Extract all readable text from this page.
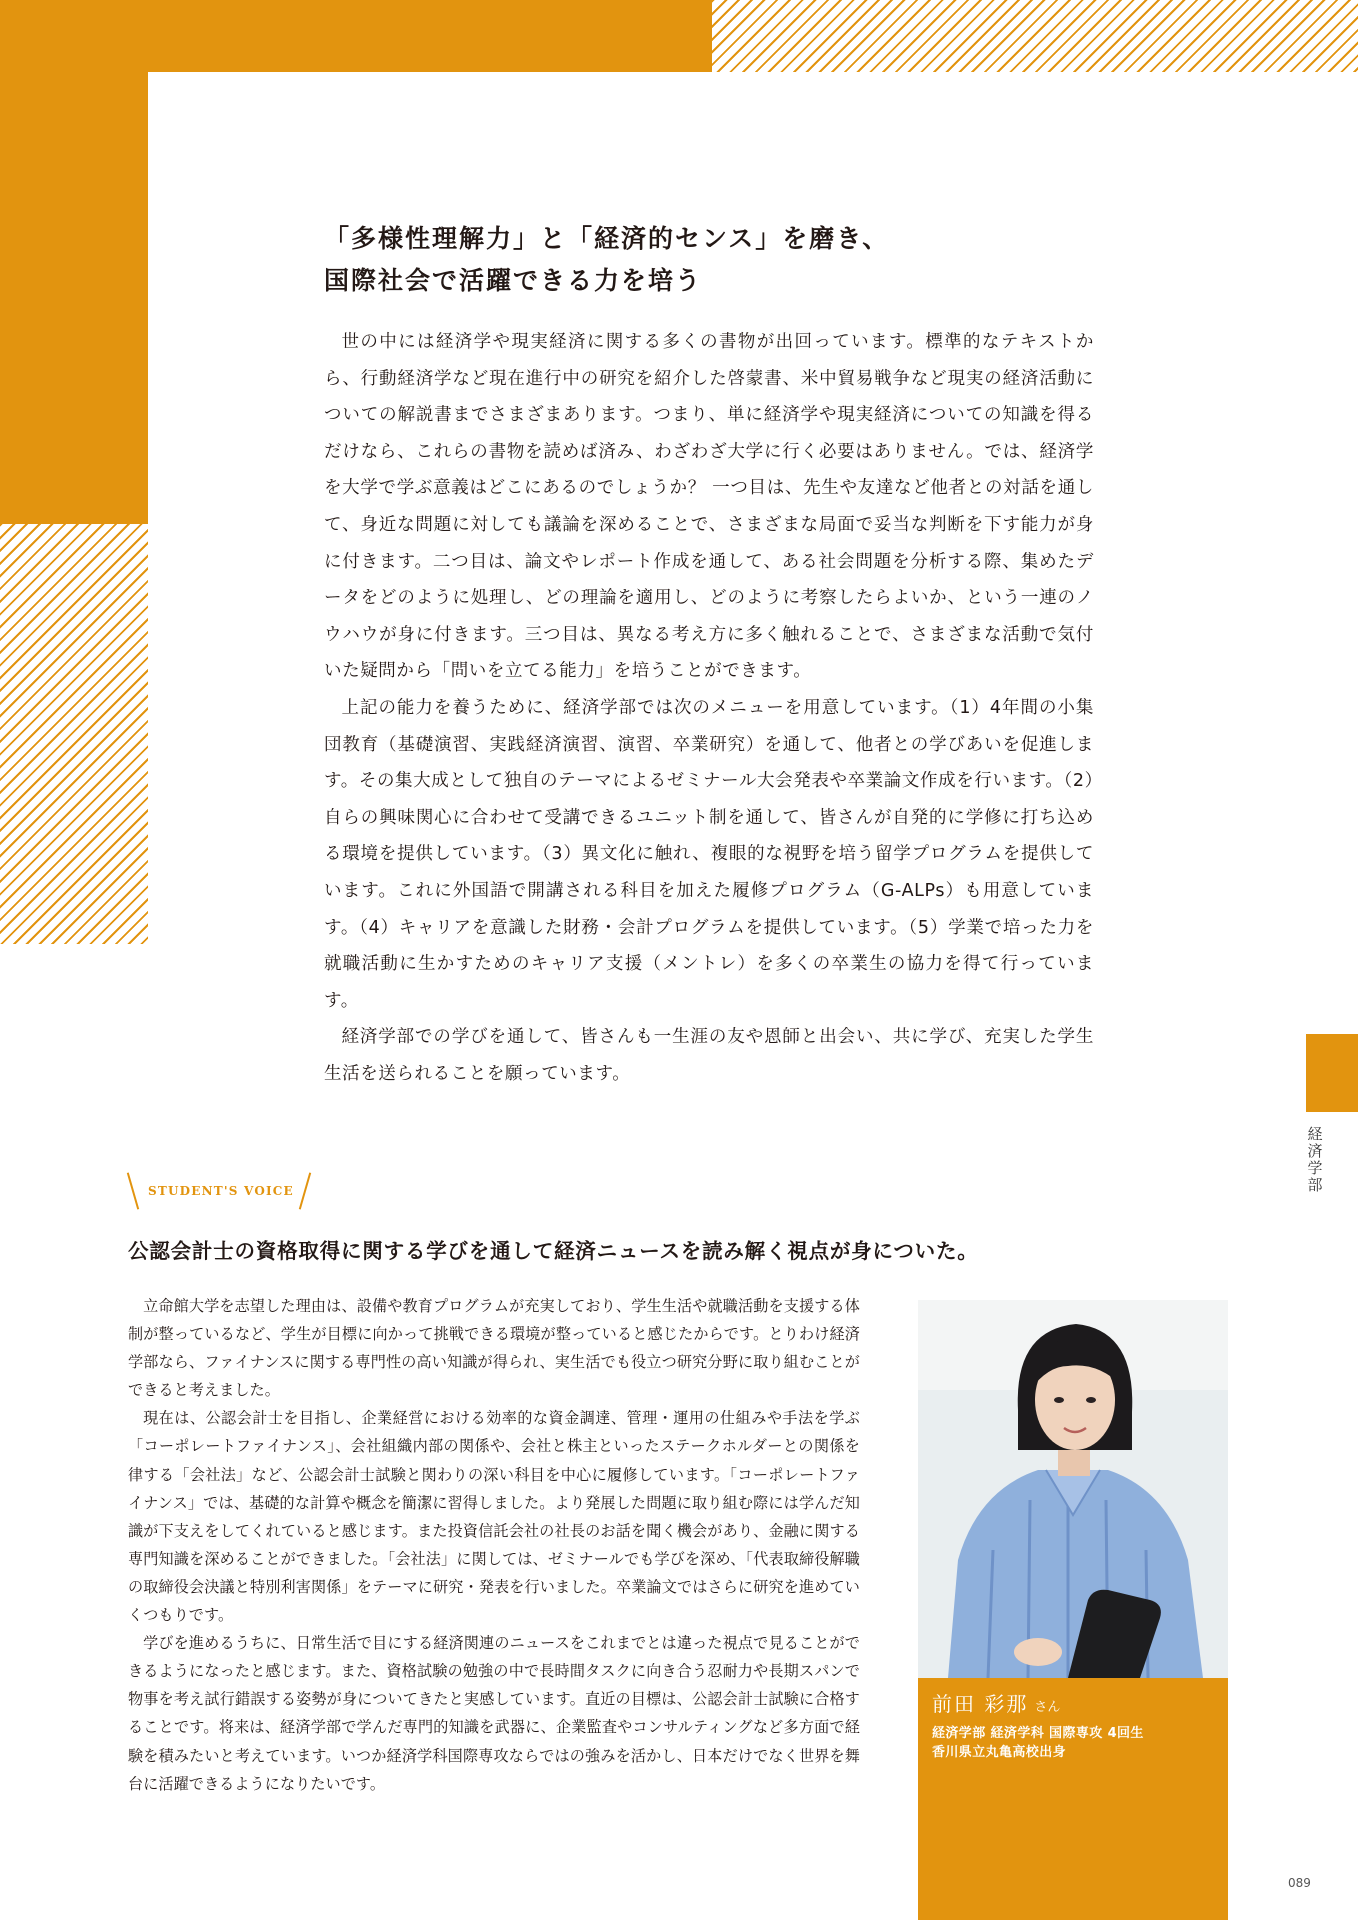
「多様性理解力」と「経済的センス」を磨き、
国際社会で活躍できる力を培う

世の中には経済学や現実経済に関する多くの書物が出回っています。標準的なテキストから、行動経済学など現在進行中の研究を紹介した啓蒙書、米中貿易戦争など現実の経済活動についての解説書までさまざまあります。つまり、単に経済学や現実経済についての知識を得るだけなら、これらの書物を読めば済み、わざわざ大学に行く必要はありません。では、経済学を大学で学ぶ意義はどこにあるのでしょうか？ 一つ目は、先生や友達など他者との対話を通して、身近な問題に対しても議論を深めることで、さまざまな局面で妥当な判断を下す能力が身に付きます。二つ目は、論文やレポート作成を通して、ある社会問題を分析する際、集めたデータをどのように処理し、どの理論を適用し、どのように考察したらよいか、という一連のノウハウが身に付きます。三つ目は、異なる考え方に多く触れることで、さまざまな活動で気付いた疑問から「問いを立てる能力」を培うことができます。

上記の能力を養うために、経済学部では次のメニューを用意しています。（1）4年間の小集団教育（基礎演習、実践経済演習、演習、卒業研究）を通して、他者との学びあいを促進します。その集大成として独自のテーマによるゼミナール大会発表や卒業論文作成を行います。（2）自らの興味関心に合わせて受講できるユニット制を通して、皆さんが自発的に学修に打ち込める環境を提供しています。（3）異文化に触れ、複眼的な視野を培う留学プログラムを提供しています。これに外国語で開講される科目を加えた履修プログラム（G-ALPs）も用意しています。（4）キャリアを意識した財務・会計プログラムを提供しています。（5）学業で培った力を就職活動に生かすためのキャリア支援（メントレ）を多くの卒業生の協力を得て行っています。

経済学部での学びを通して、皆さんも一生涯の友や恩師と出会い、共に学び、充実した学生生活を送られることを願っています。

経済学部
STUDENT'S VOICE
公認会計士の資格取得に関する学びを通して経済ニュースを読み解く視点が身についた。

立命館大学を志望した理由は、設備や教育プログラムが充実しており、学生生活や就職活動を支援する体制が整っているなど、学生が目標に向かって挑戦できる環境が整っていると感じたからです。とりわけ経済学部なら、ファイナンスに関する専門性の高い知識が得られ、実生活でも役立つ研究分野に取り組むことができると考えました。

現在は、公認会計士を目指し、企業経営における効率的な資金調達、管理・運用の仕組みや手法を学ぶ「コーポレートファイナンス」、会社組織内部の関係や、会社と株主といったステークホルダーとの関係を律する「会社法」など、公認会計士試験と関わりの深い科目を中心に履修しています。「コーポレートファイナンス」では、基礎的な計算や概念を簡潔に習得しました。より発展した問題に取り組む際には学んだ知識が下支えをしてくれていると感じます。また投資信託会社の社長のお話を聞く機会があり、金融に関する専門知識を深めることができました。「会社法」に関しては、ゼミナールでも学びを深め、「代表取締役解職の取締役会決議と特別利害関係」をテーマに研究・発表を行いました。卒業論文ではさらに研究を進めていくつもりです。

学びを進めるうちに、日常生活で目にする経済関連のニュースをこれまでとは違った視点で見ることができるようになったと感じます。また、資格試験の勉強の中で長時間タスクに向き合う忍耐力や長期スパンで物事を考え試行錯誤する姿勢が身についてきたと実感しています。直近の目標は、公認会計士試験に合格することです。将来は、経済学部で学んだ専門的知識を武器に、企業監査やコンサルティングなど多方面で経験を積みたいと考えています。いつか経済学科国際専攻ならではの強みを活かし、日本だけでなく世界を舞台に活躍できるようになりたいです。

前田 彩那 さん
経済学部 経済学科 国際専攻 4回生
香川県立丸亀高校出身
089
